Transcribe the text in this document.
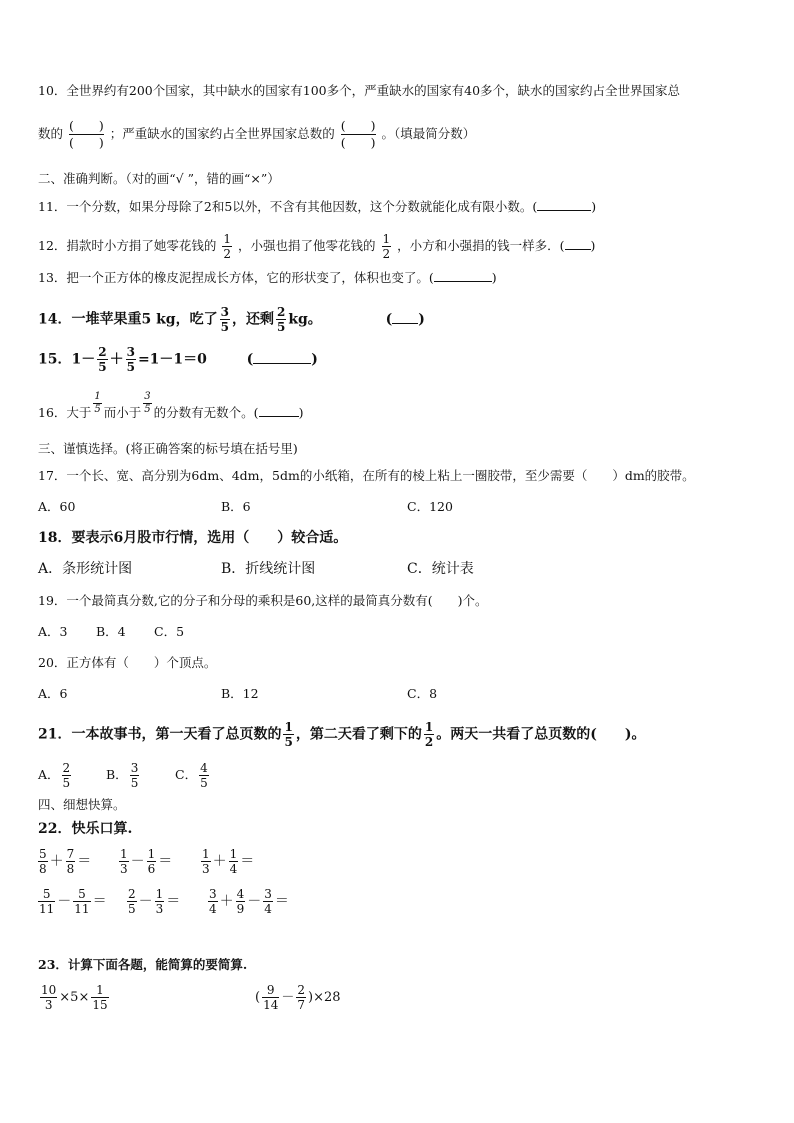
10．全世界约有200个国家，其中缺水的国家有100多个，严重缺水的国家有40多个，缺水的国家约占全世界国家总
数的
(　　)
(　　)
；严重缺水的国家约占全世界国家总数的
(　　)
(　　)
。（填最简分数）
二、准确判断。（对的画“√ ”，错的画“×”）
11．一个分数，如果分母除了2和5以外，不含有其他因数，这个分数就能化成有限小数。(	)
12．捐款时小方捐了她零花钱的 $\frac{1}{2}$ ，小强也捐了他零花钱的 $\frac{1}{2}$ ，小方和小强捐的钱一样多．( )
13．把一个正方体的橡皮泥捏成长方体，它的形状变了，体积也变了。(	)
14．一堆苹果重5 kg，吃了 $\frac{3}{5}$ ，还剩 $\frac{2}{5}$ kg。	( )
15．$1- \frac{2}{5} + \frac{3}{5} =1-1=0$	(	)
16．大于 $\frac{1}{5}$ 而小于 $\frac{3}{5}$ 的分数有无数个。(	)
三、谨慎选择。(将正确答案的标号填在括号里)
17．一个长、宽、高分别为6dm、4dm，5dm的小纸箱，在所有的棱上粘上一圈胶带，至少需要（　　）dm的胶带。
A．60	B．6	C．120
18．要表示6月股市行情，选用（　　）较合适。
A．条形统计图	B．折线统计图	C．统计表
19．一个最简真分数,它的分子和分母的乘积是60,这样的最简真分数有(　　)个。
A．3 B．4 C．5
20．正方体有（　　）个顶点。
A．6	B．12	C．8
21．一本故事书，第一天看了总页数的 $\frac{1}{5}$ ，第二天看了剩下的 $\frac{1}{2}$ 。两天一共看了总页数的(　　)。
A． $\frac{2}{5}$	B． $\frac{3}{5}$	C． $\frac{4}{5}$
四、细想快算。
22．快乐口算.
$\frac{5}{8} + \frac{7}{8} = \frac{1}{3} - \frac{1}{6} = \frac{1}{3} + \frac{1}{4}$ ＝
$\frac{5}{11} - \frac{5}{11} = \frac{2}{5} - \frac{1}{3} = \frac{3}{4} + \frac{4}{9} - \frac{3}{4}$ ＝
23．计算下面各题，能简算的要简算.
$\frac{10}{3} \times 5\times \frac{1}{15}$	( $\frac{9}{14} - \frac{2}{7} )\times 28$
